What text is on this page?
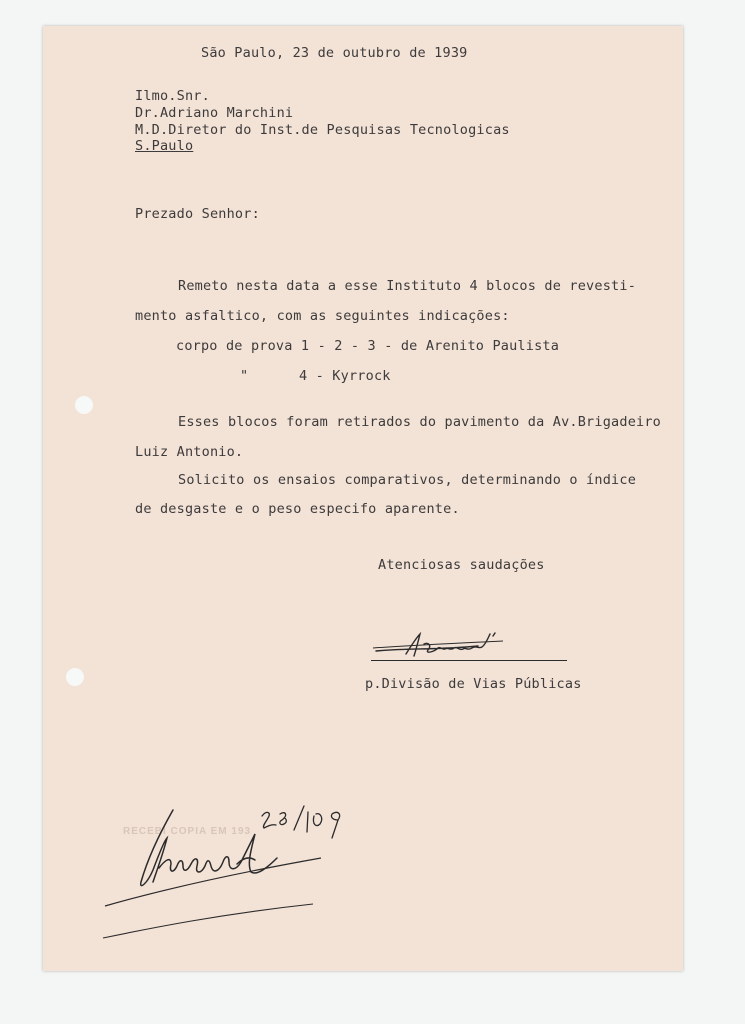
São Paulo, 23 de outubro de 1939
Ilmo.Snr.
Dr.Adriano Marchini
M.D.Diretor do Inst.de Pesquisas Tecnologicas
S.Paulo
Prezado Senhor:
Remeto nesta data a esse Instituto 4 blocos de revesti-
mento asfaltico, com as seguintes indicações:
corpo de prova 1 - 2 - 3 - de Arenito Paulista
"	4 - Kyrrock
Esses blocos foram retirados do pavimento da Av.Brigadeiro
Luiz Antonio.
Solicito os ensaios comparativos, determinando o índice
de desgaste e o peso especifo aparente.
Atenciosas saudações
p.Divisão de Vias Públicas
RECEBI COPIA EM 193
